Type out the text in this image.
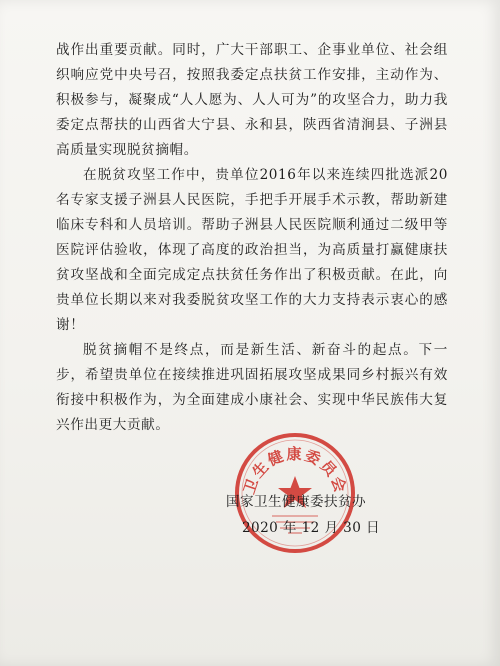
战作出重要贡献。同时，广大干部职工、企事业单位、社会组织响应党中央号召，按照我委定点扶贫工作安排，主动作为、积极参与，凝聚成“人人愿为、人人可为”的攻坚合力，助力我委定点帮扶的山西省大宁县、永和县，陕西省清涧县、子洲县高质量实现脱贫摘帽。

在脱贫攻坚工作中，贵单位2016年以来连续四批选派20名专家支援子洲县人民医院，手把手开展手术示教，帮助新建临床专科和人员培训。帮助子洲县人民医院顺利通过二级甲等医院评估验收，体现了高度的政治担当，为高质量打赢健康扶贫攻坚战和全面完成定点扶贫任务作出了积极贡献。在此，向贵单位长期以来对我委脱贫攻坚工作的大力支持表示衷心的感谢！

脱贫摘帽不是终点，而是新生活、新奋斗的起点。下一步，希望贵单位在接续推进巩固拓展攻坚成果同乡村振兴有效衔接中积极作为，为全面建成小康社会、实现中华民族伟大复兴作出更大贡献。

卫生健康委员会
国家卫生健康委扶贫办
2020 年 12 月 30 日
